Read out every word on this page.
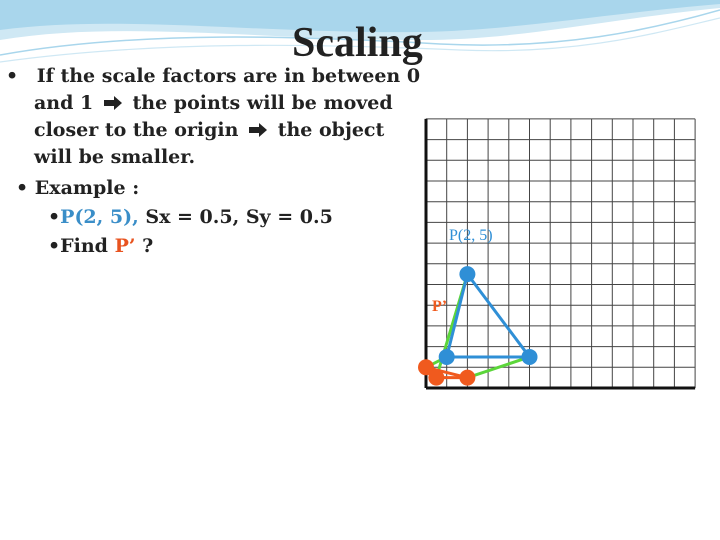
Scaling
• If the scale factors are in between 0
and 1 the points will be moved
closer to the origin the object
will be smaller.
• Example :
•P(2, 5), Sx = 0.5, Sy = 0.5
•Find P’ ?	P(2, 5)
P’
